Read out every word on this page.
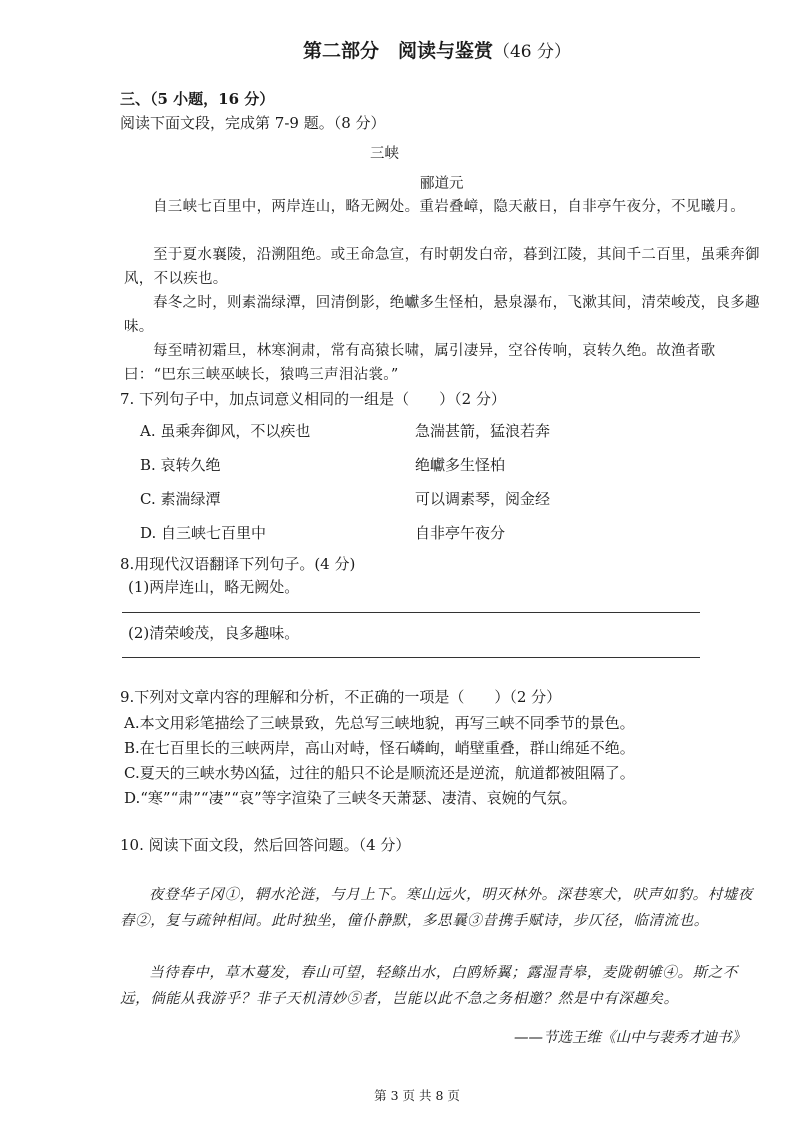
第二部分　阅读与鉴赏（46 分）
三、（5 小题，16 分）
阅读下面文段，完成第 7-9 题。（8 分）
三峡
郦道元
自三峡七百里中，两岸连山，略无阙处。重岩叠嶂，隐天蔽日，自非亭午夜分，不见曦月。
至于夏水襄陵，沿溯阻绝。或王命急宣，有时朝发白帝，暮到江陵，其间千二百里，虽乘奔御风，不以疾也。
春冬之时，则素湍绿潭，回清倒影，绝巘多生怪柏，悬泉瀑布，飞漱其间，清荣峻茂，良多趣味。
每至晴初霜旦，林寒涧肃，常有高猿长啸，属引凄异，空谷传响，哀转久绝。故渔者歌曰：“巴东三峡巫峡长，猿鸣三声泪沾裳。”
7. 下列句子中，加点词意义相同的一组是（　　）（2 分）
A. 虽乘奔御风，不以疾也	急湍甚箭，猛浪若奔
B. 哀转久绝	绝巘多生怪柏
C. 素湍绿潭	可以调素琴，阅金经
D. 自三峡七百里中	自非亭午夜分
8.用现代汉语翻译下列句子。(4 分)
(1)两岸连山，略无阙处。
(2)清荣峻茂，良多趣味。
9.下列对文章内容的理解和分析，不正确的一项是（　　）（2 分）
A.本文用彩笔描绘了三峡景致，先总写三峡地貌，再写三峡不同季节的景色。
B.在七百里长的三峡两岸，高山对峙，怪石嶙峋，峭壁重叠，群山绵延不绝。
C.夏天的三峡水势凶猛，过往的船只不论是顺流还是逆流，航道都被阻隔了。
D.“寒”“肃”“凄”“哀”等字渲染了三峡冬天萧瑟、凄清、哀婉的气氛。
10. 阅读下面文段，然后回答问题。（4 分）
夜登华子冈①，辋水沦涟，与月上下。寒山远火，明灭林外。深巷寒犬，吠声如豹。村墟夜舂②，复与疏钟相间。此时独坐，僮仆静默，多思曩③昔携手赋诗，步仄径，临清流也。
当待春中，草木蔓发，春山可望，轻鲦出水，白鸥矫翼；露湿青皋，麦陇朝雊④。斯之不远，倘能从我游乎？非子天机清妙⑤者，岂能以此不急之务相邀？然是中有深趣矣。
——节选王维《山中与裴秀才迪书》
第 3 页 共 8 页
